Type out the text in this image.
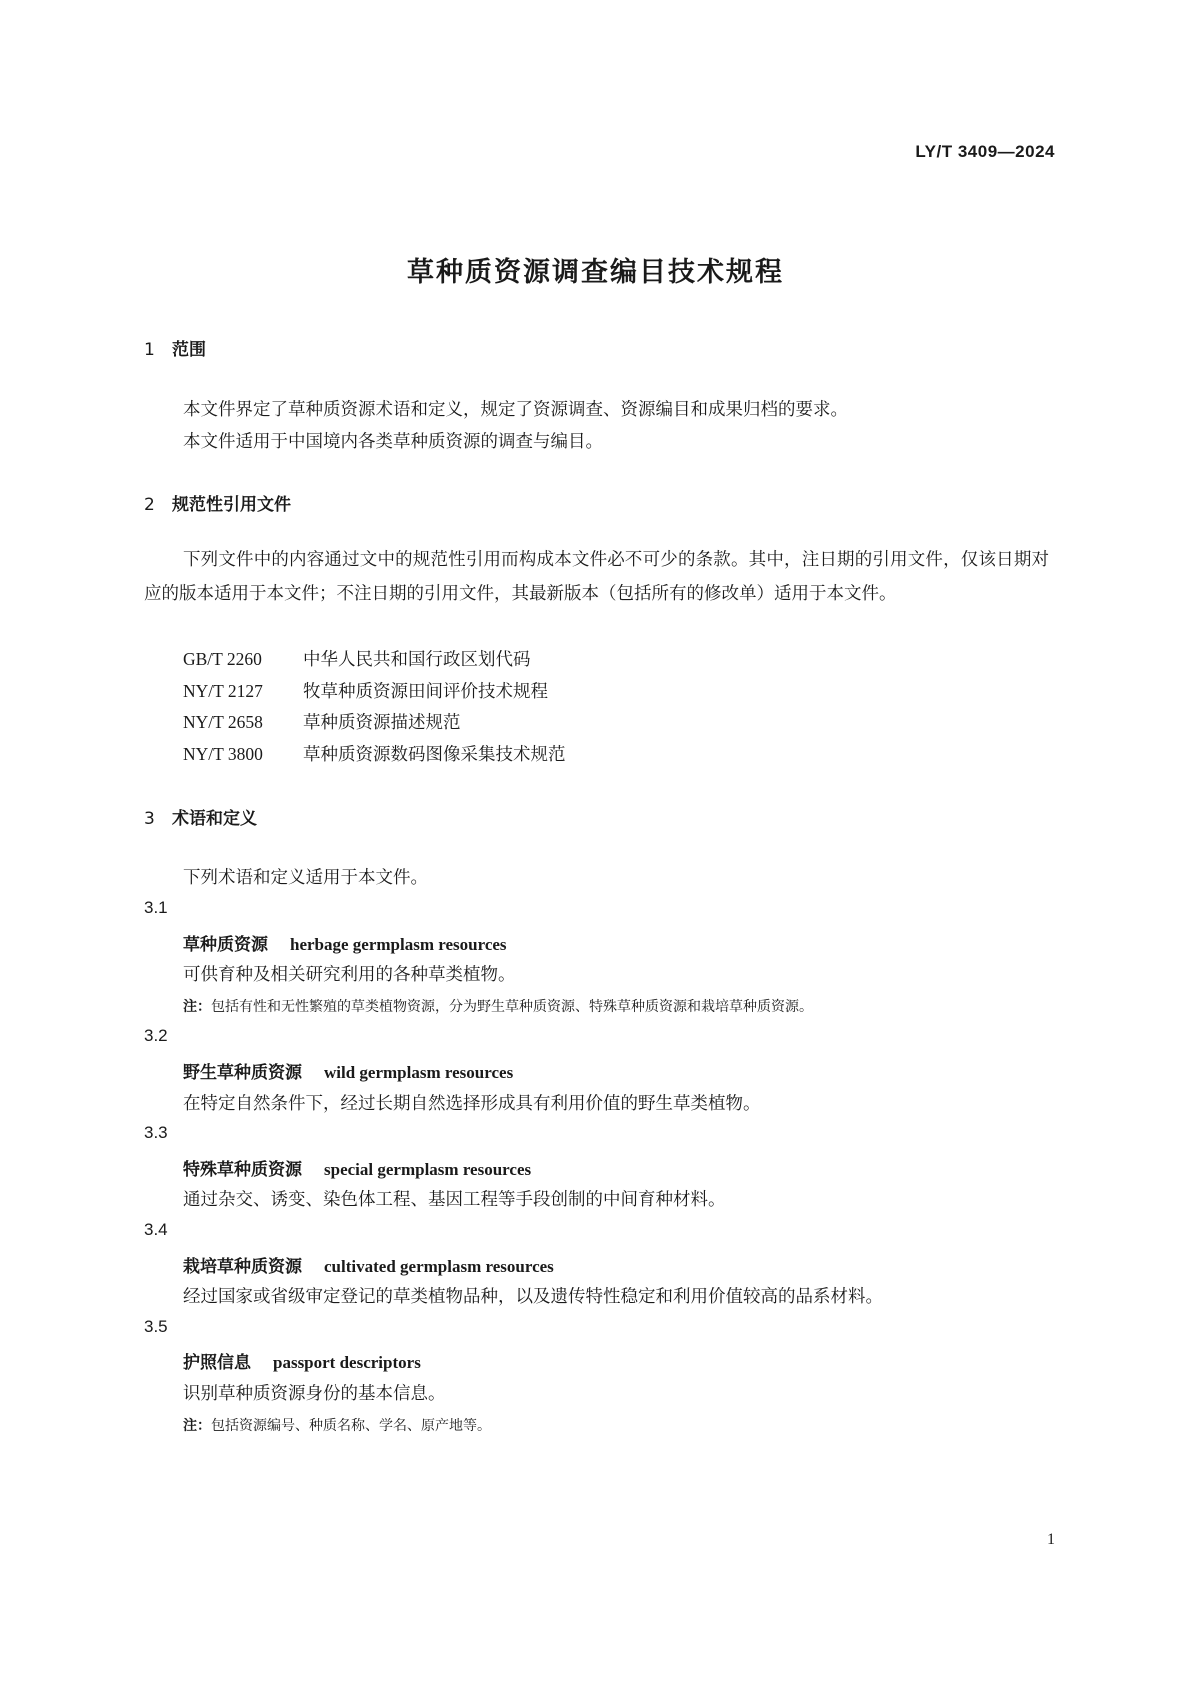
LY/T 3409—2024
草种质资源调查编目技术规程
1 范围
本文件界定了草种质资源术语和定义，规定了资源调查、资源编目和成果归档的要求。
本文件适用于中国境内各类草种质资源的调查与编目。
2 规范性引用文件
下列文件中的内容通过文中的规范性引用而构成本文件必不可少的条款。其中，注日期的引用文件，仅该日期对应的版本适用于本文件；不注日期的引用文件，其最新版本（包括所有的修改单）适用于本文件。
GB/T 2260 中华人民共和国行政区划代码
NY/T 2127 牧草种质资源田间评价技术规程
NY/T 2658 草种质资源描述规范
NY/T 3800 草种质资源数码图像采集技术规范
3 术语和定义
下列术语和定义适用于本文件。
3.1
草种质资源 herbage germplasm resources
可供育种及相关研究利用的各种草类植物。
注：包括有性和无性繁殖的草类植物资源，分为野生草种质资源、特殊草种质资源和栽培草种质资源。
3.2
野生草种质资源 wild germplasm resources
在特定自然条件下，经过长期自然选择形成具有利用价值的野生草类植物。
3.3
特殊草种质资源 special germplasm resources
通过杂交、诱变、染色体工程、基因工程等手段创制的中间育种材料。
3.4
栽培草种质资源 cultivated germplasm resources
经过国家或省级审定登记的草类植物品种，以及遗传特性稳定和利用价值较高的品系材料。
3.5
护照信息 passport descriptors
识别草种质资源身份的基本信息。
注：包括资源编号、种质名称、学名、原产地等。
1
